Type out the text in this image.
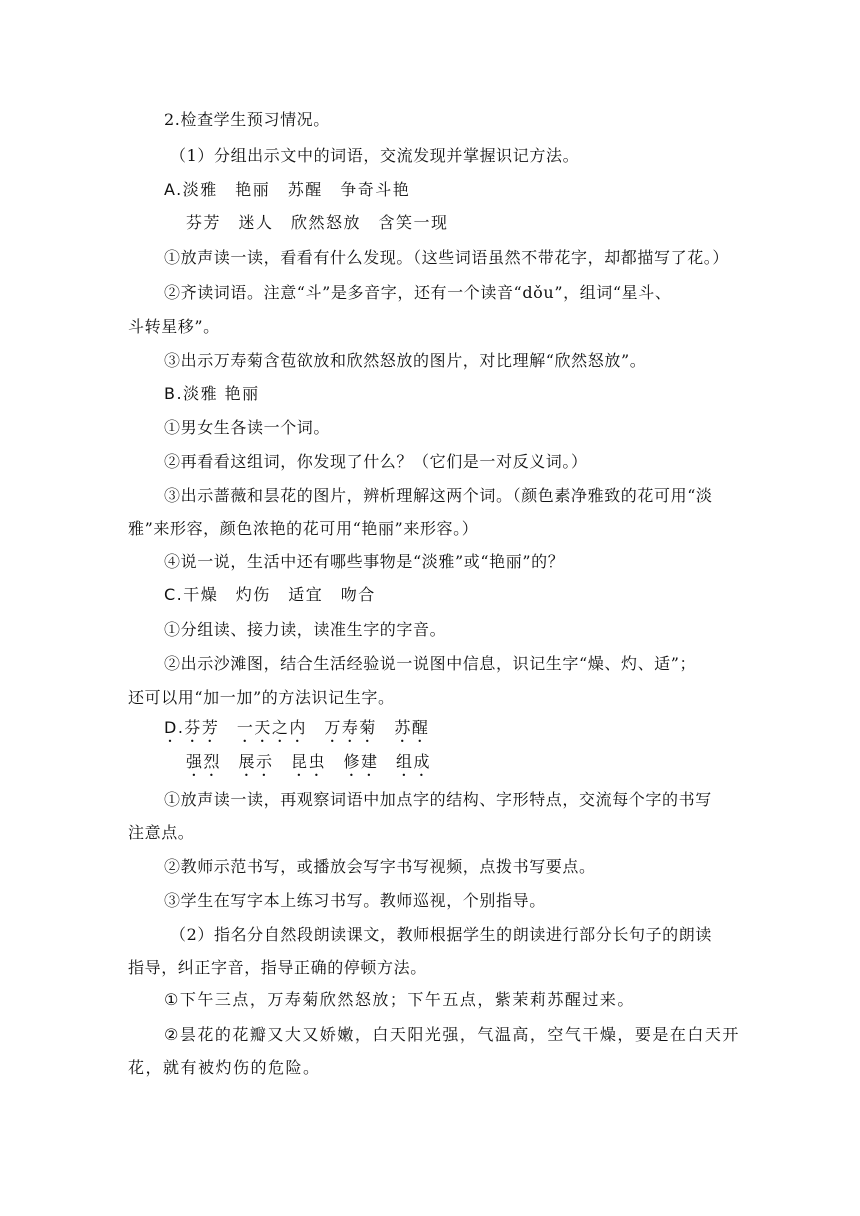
2.检查学生预习情况。
（1）分组出示文中的词语，交流发现并掌握识记方法。
A.淡雅　艳丽　苏醒　争奇斗艳
芬芳　迷人　欣然怒放　含笑一现
①放声读一读，看看有什么发现。（这些词语虽然不带花字，却都描写了花。）
②齐读词语。注意“斗”是多音字，还有一个读音“dǒu”，组词“星斗、
斗转星移”。
③出示万寿菊含苞欲放和欣然怒放的图片，对比理解“欣然怒放”。
B.淡雅 艳丽
①男女生各读一个词。
②再看看这组词，你发现了什么？（它们是一对反义词。）
③出示蔷薇和昙花的图片，辨析理解这两个词。（颜色素净雅致的花可用“淡
雅”来形容，颜色浓艳的花可用“艳丽”来形容。）
④说一说，生活中还有哪些事物是“淡雅”或“艳丽”的？
C.干燥　灼伤　适宜　吻合
①分组读、接力读，读准生字的字音。
②出示沙滩图，结合生活经验说一说图中信息，识记生字“燥、灼、适”；
还可以用“加一加”的方法识记生字。
D.芬芳　一天之内　万寿菊　苏醒
强烈　展示　昆虫　修建　组成
①放声读一读，再观察词语中加点字的结构、字形特点，交流每个字的书写
注意点。
②教师示范书写，或播放会写字书写视频，点拨书写要点。
③学生在写字本上练习书写。教师巡视，个别指导。
（2）指名分自然段朗读课文，教师根据学生的朗读进行部分长句子的朗读
指导，纠正字音，指导正确的停顿方法。
①下午三点，万寿菊欣然怒放；下午五点，紫茉莉苏醒过来。
②昙花的花瓣又大又娇嫩，白天阳光强，气温高，空气干燥，要是在白天开
花，就有被灼伤的危险。
